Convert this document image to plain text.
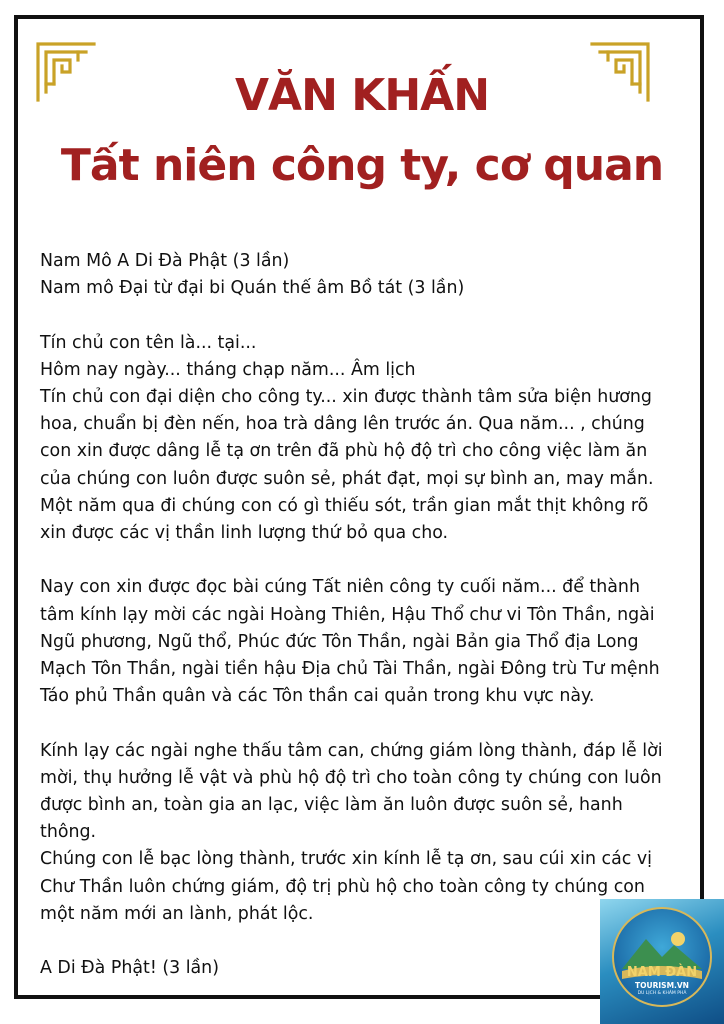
VĂN KHẤN
Tất niên công ty, cơ quan

Nam Mô A Di Đà Phật (3 lần)
Nam mô Đại từ đại bi Quán thế âm Bồ tát (3 lần)

Tín chủ con tên là... tại...
Hôm nay ngày... tháng chạp năm... Âm lịch
Tín chủ con đại diện cho công ty... xin được thành tâm sửa biện hương
hoa, chuẩn bị đèn nến, hoa trà dâng lên trước án. Qua năm... , chúng
con xin được dâng lễ tạ ơn trên đã phù hộ độ trì cho công việc làm ăn
của chúng con luôn được suôn sẻ, phát đạt, mọi sự bình an, may mắn.
Một năm qua đi chúng con có gì thiếu sót, trần gian mắt thịt không rõ
xin được các vị thần linh lượng thứ bỏ qua cho.

Nay con xin được đọc bài cúng Tất niên công ty cuối năm... để thành
tâm kính lạy mời các ngài Hoàng Thiên, Hậu Thổ chư vi Tôn Thần, ngài
Ngũ phương, Ngũ thổ, Phúc đức Tôn Thần, ngài Bản gia Thổ địa Long
Mạch Tôn Thần, ngài tiền hậu Địa chủ Tài Thần, ngài Đông trù Tư mệnh
Táo phủ Thần quân và các Tôn thần cai quản trong khu vực này.

Kính lạy các ngài nghe thấu tâm can, chứng giám lòng thành, đáp lễ lời
mời, thụ hưởng lễ vật và phù hộ độ trì cho toàn công ty chúng con luôn
được bình an, toàn gia an lạc, việc làm ăn luôn được suôn sẻ, hanh
thông.
Chúng con lễ bạc lòng thành, trước xin kính lễ tạ ơn, sau cúi xin các vị
Chư Thần luôn chứng giám, độ trị phù hộ cho toàn công ty chúng con
một năm mới an lành, phát lộc.

A Di Đà Phật! (3 lần)	NAM ĐÀN
TOURISM.VN
DU LỊCH & KHÁM PHÁ
